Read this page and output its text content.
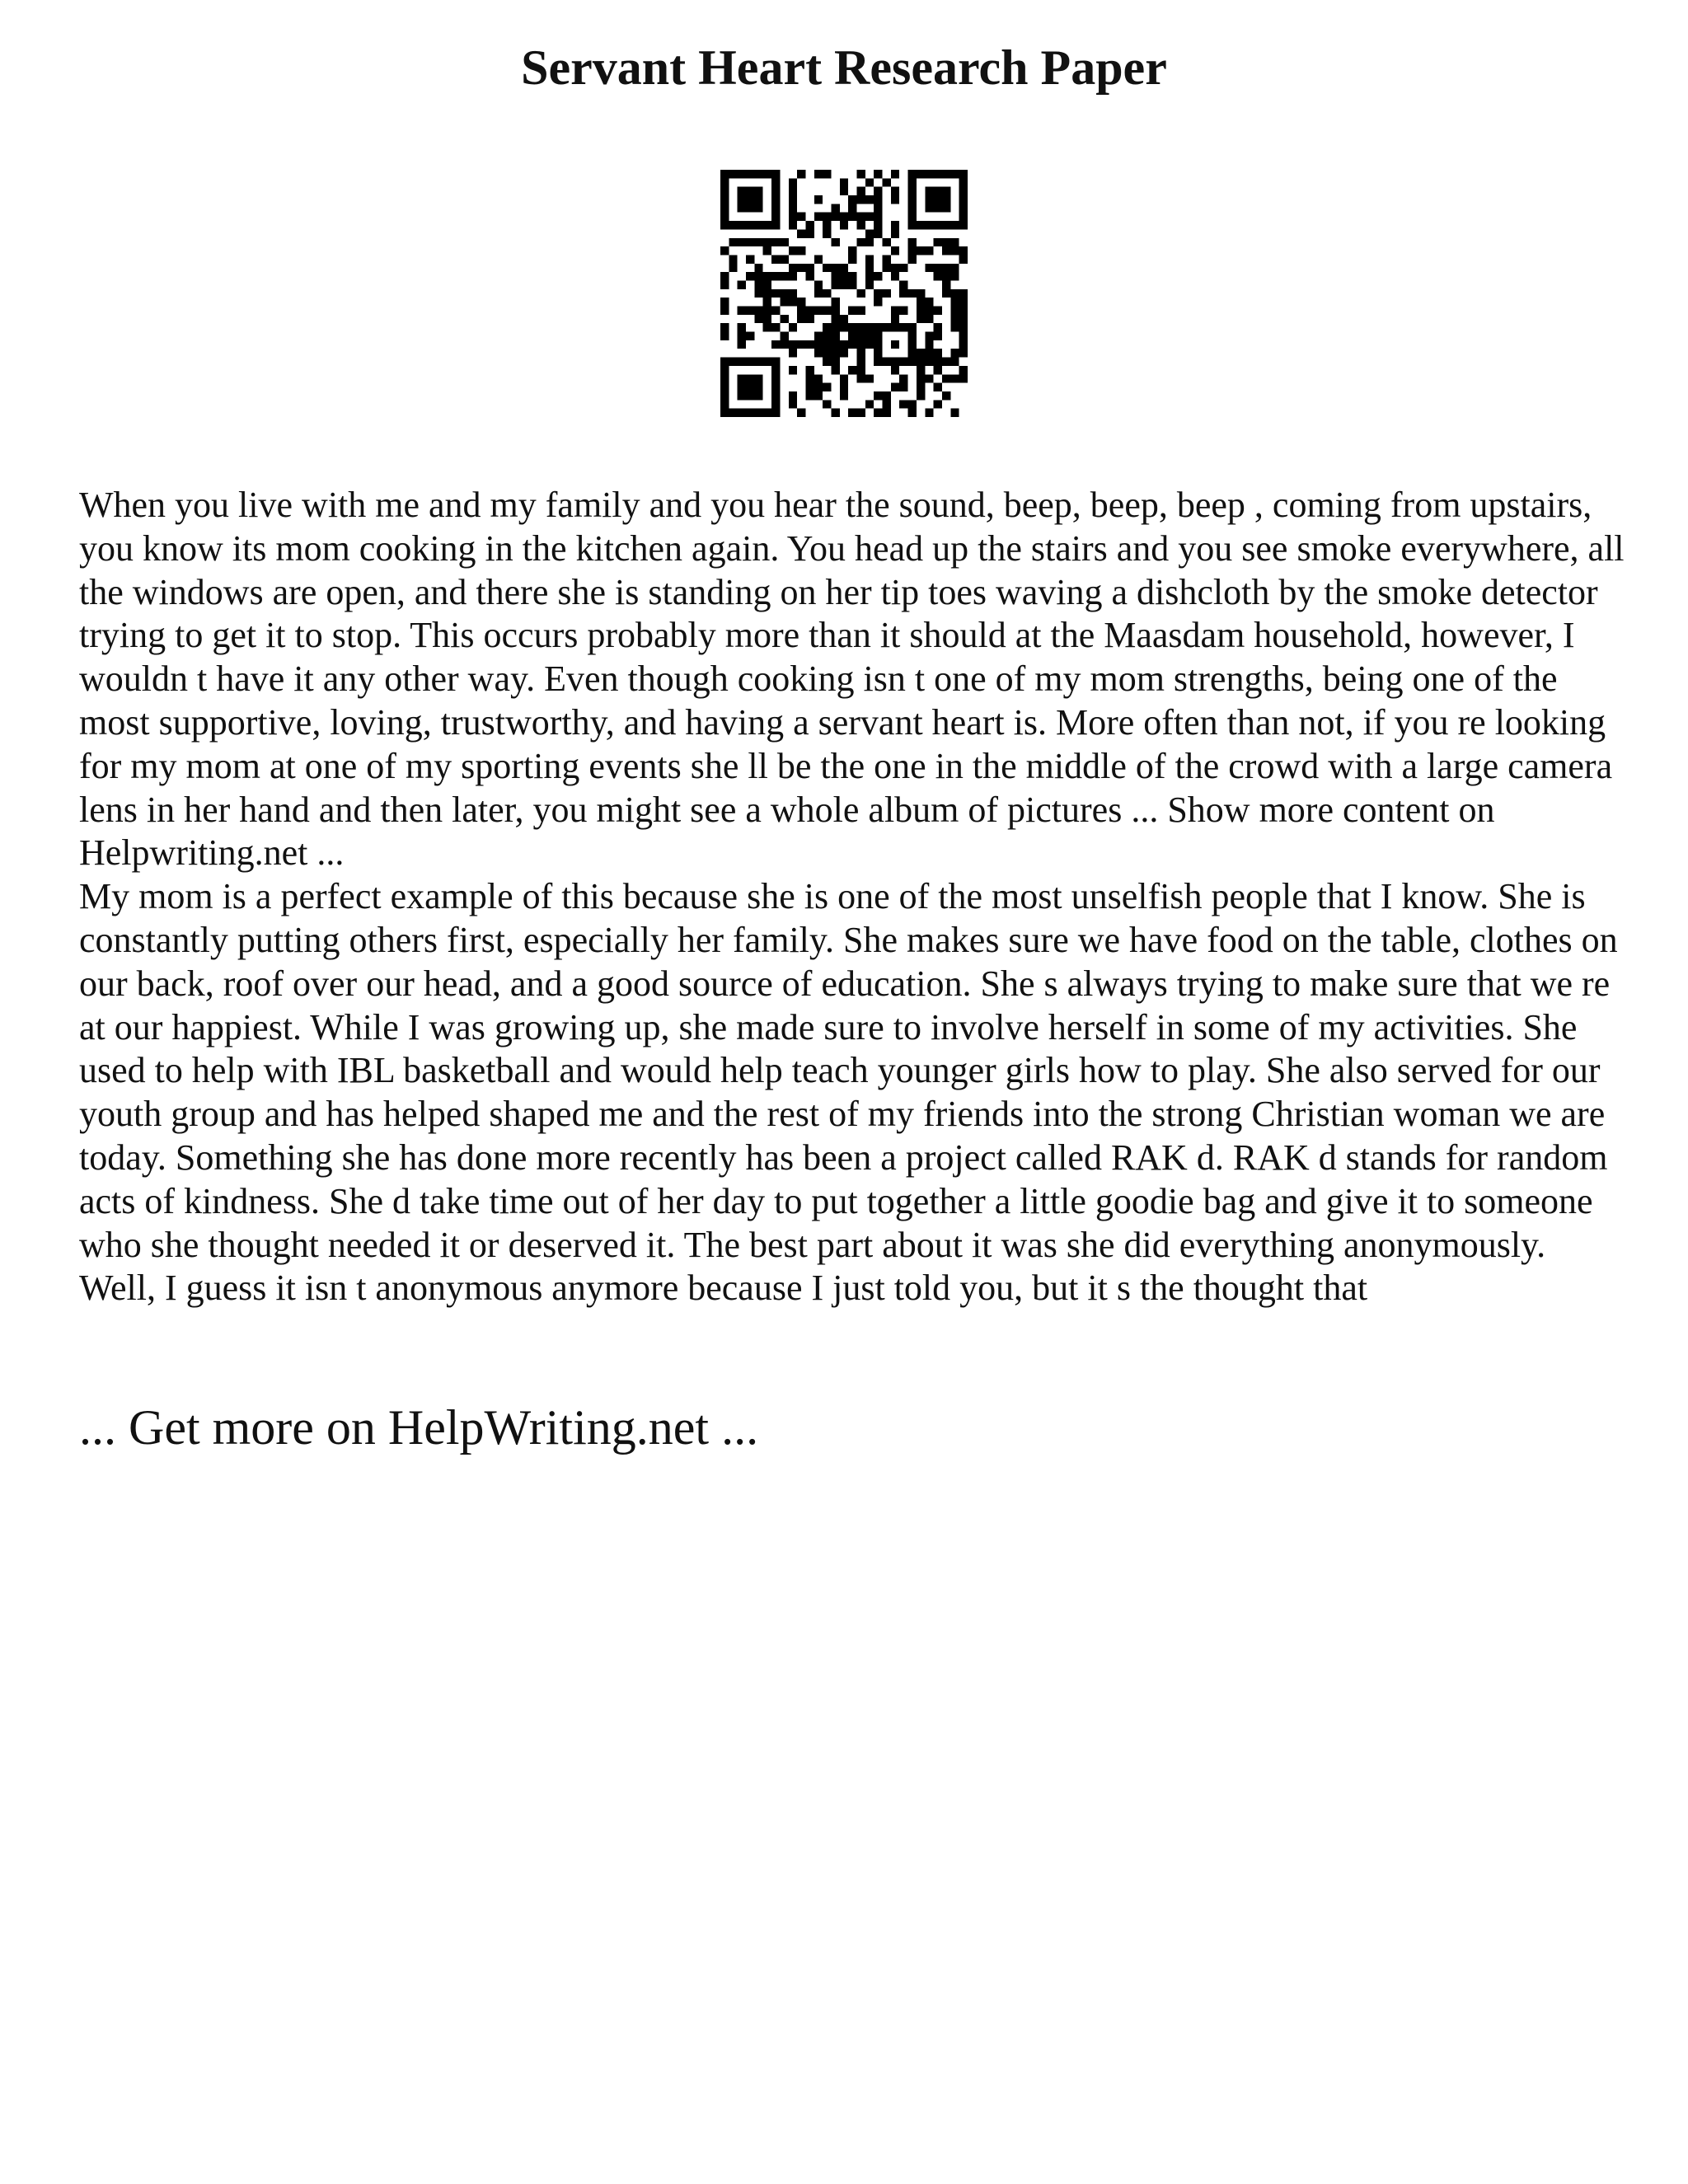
Servant Heart Research Paper

When you live with me and my family and you hear the sound, beep, beep, beep , coming from upstairs, you know its mom cooking in the kitchen again. You head up the stairs and you see smoke everywhere, all the windows are open, and there she is standing on her tip toes waving a dishcloth by the smoke detector trying to get it to stop. This occurs probably more than it should at the Maasdam household, however, I wouldn t have it any other way. Even though cooking isn t one of my mom strengths, being one of the most supportive, loving, trustworthy, and having a servant heart is. More often than not, if you re looking for my mom at one of my sporting events she ll be the one in the middle of the crowd with a large camera lens in her hand and then later, you might see a whole album of pictures ... Show more content on Helpwriting.net ...

My mom is a perfect example of this because she is one of the most unselfish people that I know. She is constantly putting others first, especially her family. She makes sure we have food on the table, clothes on our back, roof over our head, and a good source of education. She s always trying to make sure that we re at our happiest. While I was growing up, she made sure to involve herself in some of my activities. She used to help with IBL basketball and would help teach younger girls how to play. She also served for our youth group and has helped shaped me and the rest of my friends into the strong Christian woman we are today. Something she has done more recently has been a project called RAK d. RAK d stands for random acts of kindness. She d take time out of her day to put together a little goodie bag and give it to someone who she thought needed it or deserved it. The best part about it was she did everything anonymously. Well, I guess it isn t anonymous anymore because I just told you, but it s the thought that

... Get more on HelpWriting.net ...
